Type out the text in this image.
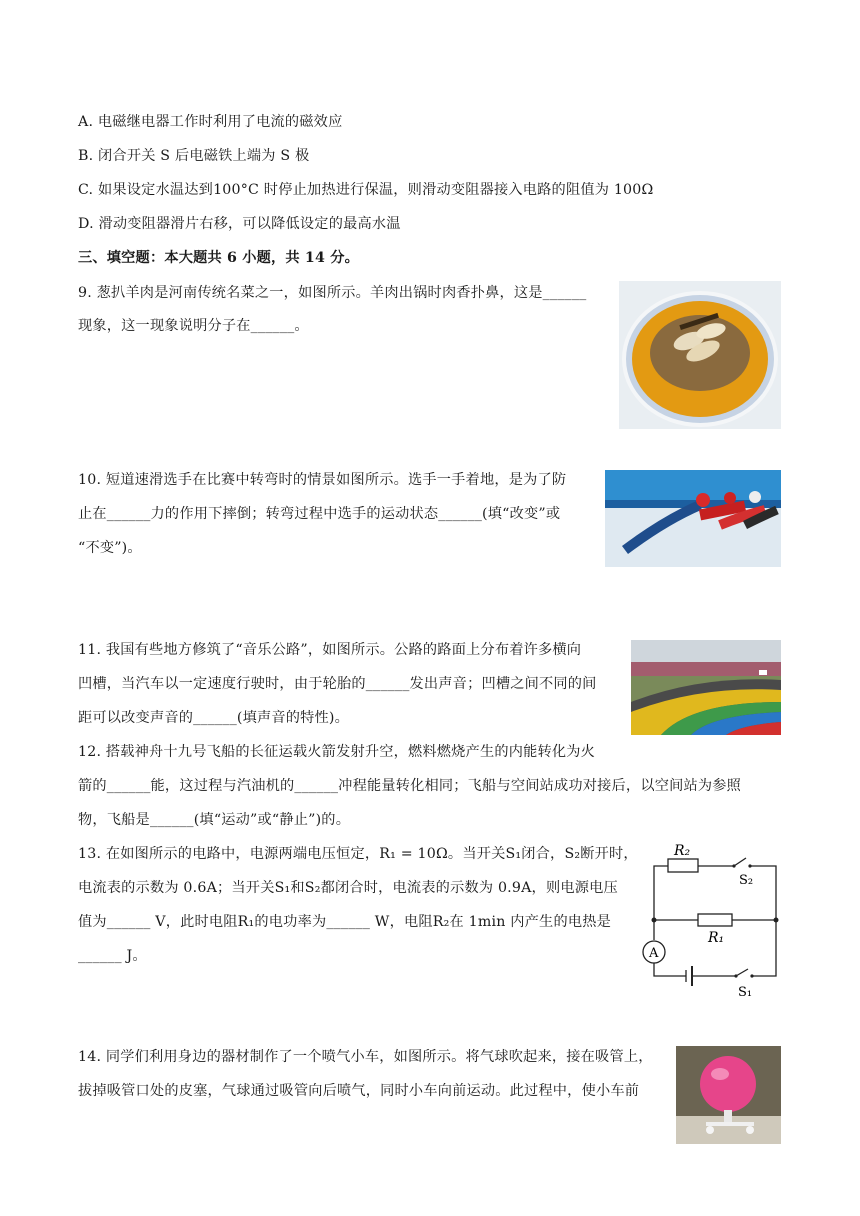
A. 电磁继电器工作时利用了电流的磁效应
B. 闭合开关 S 后电磁铁上端为 S 极
C. 如果设定水温达到100°C 时停止加热进行保温，则滑动变阻器接入电路的阻值为 100Ω
D. 滑动变阻器滑片右移，可以降低设定的最高水温
三、填空题：本大题共 6 小题，共 14 分。
9. 葱扒羊肉是河南传统名菜之一，如图所示。羊肉出锅时肉香扑鼻，这是______
现象，这一现象说明分子在______。
10. 短道速滑选手在比赛中转弯时的情景如图所示。选手一手着地，是为了防
止在______力的作用下摔倒；转弯过程中选手的运动状态______(填“改变”或
“不变”)。
11. 我国有些地方修筑了“音乐公路”，如图所示。公路的路面上分布着许多横向
凹槽，当汽车以一定速度行驶时，由于轮胎的______发出声音；凹槽之间不同的间
距可以改变声音的______(填声音的特性)。
12. 搭载神舟十九号飞船的长征运载火箭发射升空，燃料燃烧产生的内能转化为火
箭的______能，这过程与汽油机的______冲程能量转化相同；飞船与空间站成功对接后，以空间站为参照
物，飞船是______(填“运动”或“静止”)的。
13. 在如图所示的电路中，电源两端电压恒定，R₁ = 10Ω。当开关S₁闭合，S₂断开时，
电流表的示数为 0.6A；当开关S₁和S₂都闭合时，电流表的示数为 0.9A，则电源电压
值为______ V，此时电阻R₁的电功率为______ W，电阻R₂在 1min 内产生的电热是
______ J。
R₂
S₂
R₁
A
S₁
14. 同学们利用身边的器材制作了一个喷气小车，如图所示。将气球吹起来，接在吸管上，
拔掉吸管口处的皮塞，气球通过吸管向后喷气，同时小车向前运动。此过程中，使小车前
